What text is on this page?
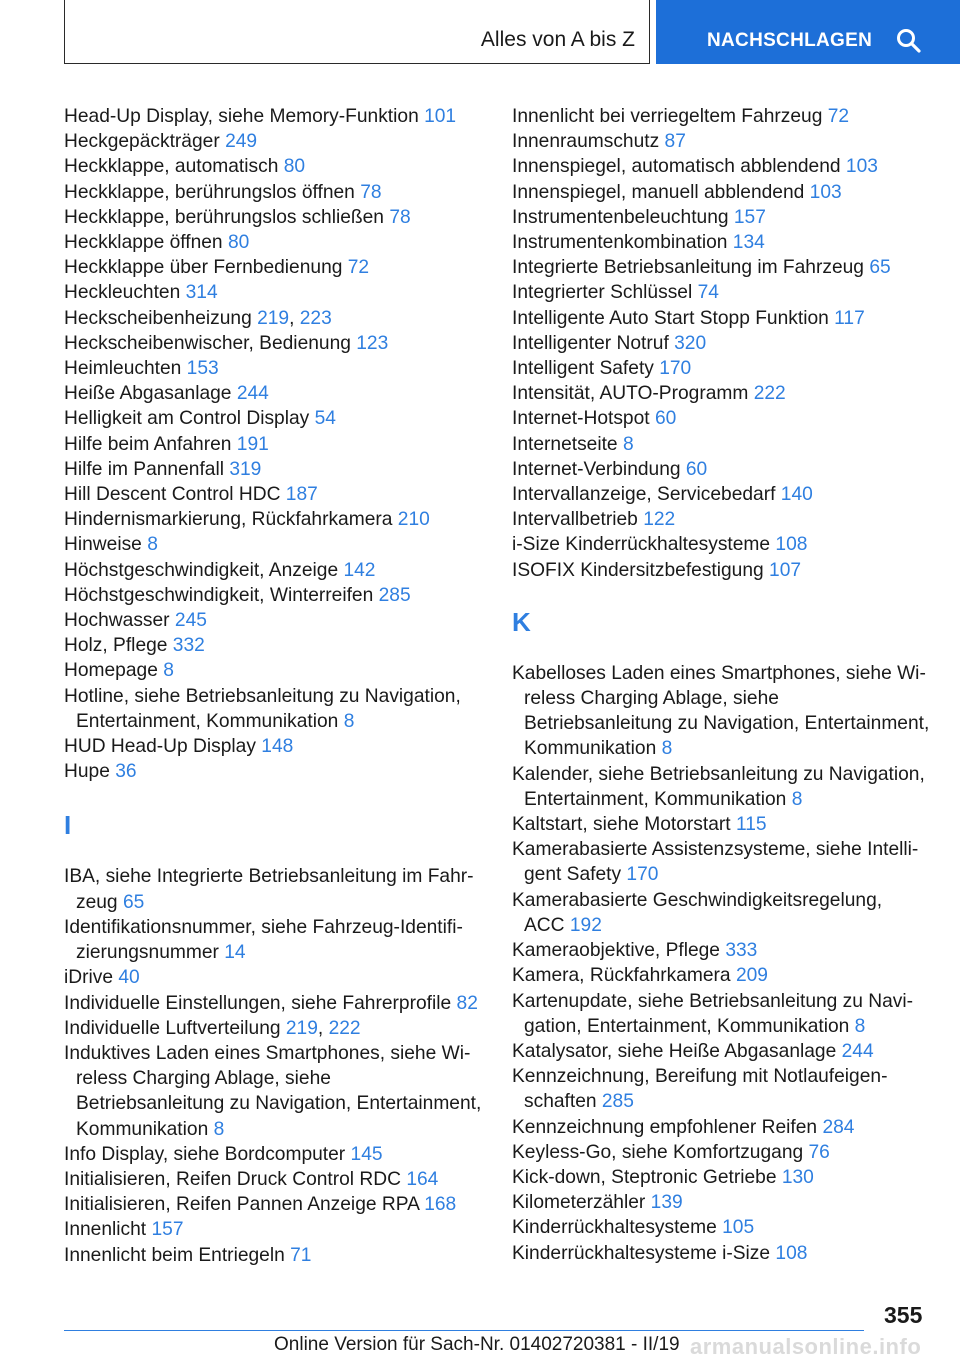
Alles von A bis Z	NACHSCHLAGEN
Head-Up Display, siehe Memory-Funktion 101
Heckgepäckträger 249
Heckklappe, automatisch 80
Heckklappe, berührungslos öffnen 78
Heckklappe, berührungslos schließen 78
Heckklappe öffnen 80
Heckklappe über Fernbedienung 72
Heckleuchten 314
Heckscheibenheizung 219, 223
Heckscheibenwischer, Bedienung 123
Heimleuchten 153
Heiße Abgasanlage 244
Helligkeit am Control Display 54
Hilfe beim Anfahren 191
Hilfe im Pannenfall 319
Hill Descent Control HDC 187
Hindernismarkierung, Rückfahrkamera 210
Hinweise 8
Höchstgeschwindigkeit, Anzeige 142
Höchstgeschwindigkeit, Winterreifen 285
Hochwasser 245
Holz, Pflege 332
Homepage 8
Hotline, siehe Betriebsanleitung zu Navigation,
Entertainment, Kommunikation 8
HUD Head-Up Display 148
Hupe 36
I
IBA, siehe Integrierte Betriebsanleitung im Fahr-
zeug 65
Identifikationsnummer, siehe Fahrzeug-Identifi-
zierungsnummer 14
iDrive 40
Individuelle Einstellungen, siehe Fahrerprofile 82
Individuelle Luftverteilung 219, 222
Induktives Laden eines Smartphones, siehe Wi-
reless Charging Ablage, siehe
Betriebsanleitung zu Navigation, Entertainment,
Kommunikation 8
Info Display, siehe Bordcomputer 145
Initialisieren, Reifen Druck Control RDC 164
Initialisieren, Reifen Pannen Anzeige RPA 168
Innenlicht 157
Innenlicht beim Entriegeln 71
Innenlicht bei verriegeltem Fahrzeug 72
Innenraumschutz 87
Innenspiegel, automatisch abblendend 103
Innenspiegel, manuell abblendend 103
Instrumentenbeleuchtung 157
Instrumentenkombination 134
Integrierte Betriebsanleitung im Fahrzeug 65
Integrierter Schlüssel 74
Intelligente Auto Start Stopp Funktion 117
Intelligenter Notruf 320
Intelligent Safety 170
Intensität, AUTO-Programm 222
Internet-Hotspot 60
Internetseite 8
Internet-Verbindung 60
Intervallanzeige, Servicebedarf 140
Intervallbetrieb 122
i-Size Kinderrückhaltesysteme 108
ISOFIX Kindersitzbefestigung 107
K
Kabelloses Laden eines Smartphones, siehe Wi-
reless Charging Ablage, siehe
Betriebsanleitung zu Navigation, Entertainment,
Kommunikation 8
Kalender, siehe Betriebsanleitung zu Navigation,
Entertainment, Kommunikation 8
Kaltstart, siehe Motorstart 115
Kamerabasierte Assistenzsysteme, siehe Intelli-
gent Safety 170
Kamerabasierte Geschwindigkeitsregelung,
ACC 192
Kameraobjektive, Pflege 333
Kamera, Rückfahrkamera 209
Kartenupdate, siehe Betriebsanleitung zu Navi-
gation, Entertainment, Kommunikation 8
Katalysator, siehe Heiße Abgasanlage 244
Kennzeichnung, Bereifung mit Notlaufeigen-
schaften 285
Kennzeichnung empfohlener Reifen 284
Keyless-Go, siehe Komfortzugang 76
Kick-down, Steptronic Getriebe 130
Kilometerzähler 139
Kinderrückhaltesysteme 105
Kinderrückhaltesysteme i-Size 108
355
Online Version für Sach-Nr. 01402720381 - II/19 armanualsonline.info
